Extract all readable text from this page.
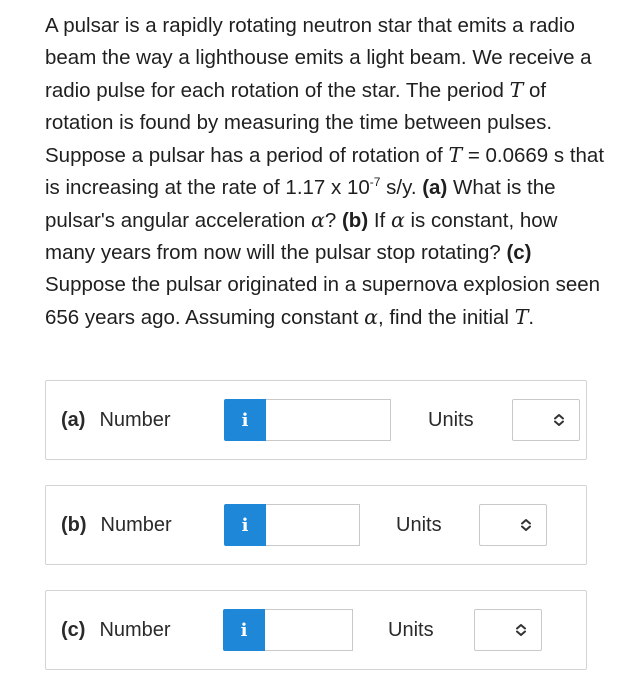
A pulsar is a rapidly rotating neutron star that emits a radio beam the way a lighthouse emits a light beam. We receive a radio pulse for each rotation of the star. The period T of rotation is found by measuring the time between pulses. Suppose a pulsar has a period of rotation of T = 0.0669 s that is increasing at the rate of 1.17 x $10^{-7}$ s/y. (a) What is the pulsar's angular acceleration α? (b) If α is constant, how many years from now will the pulsar stop rotating? (c) Suppose the pulsar originated in a supernova explosion seen 656 years ago. Assuming constant α, find the initial T.
(a) Number	i	Units
(b) Number	i	Units
(c) Number	i	Units
